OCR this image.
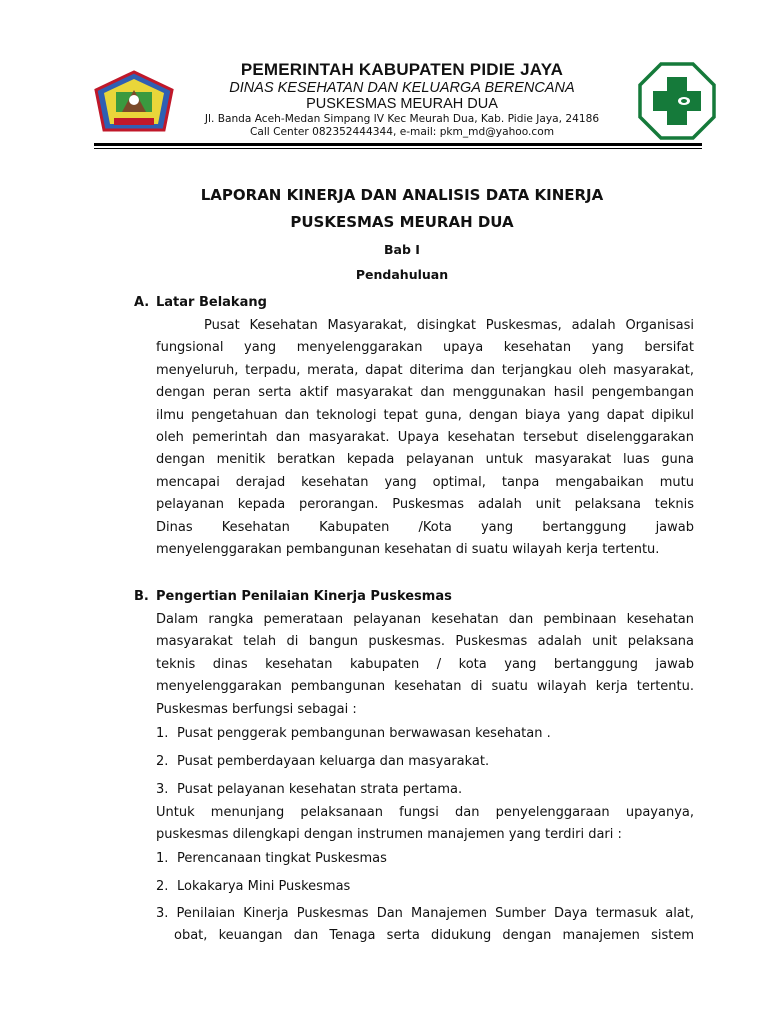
PEMERINTAH KABUPATEN PIDIE JAYA
DINAS KESEHATAN DAN KELUARGA BERENCANA
PUSKESMAS MEURAH DUA
Jl. Banda Aceh-Medan Simpang IV Kec Meurah Dua, Kab. Pidie Jaya, 24186
Call Center 082352444344, e-mail: pkm_md@yahoo.com
LAPORAN KINERJA DAN ANALISIS DATA KINERJA
PUSKESMAS MEURAH DUA
Bab I
Pendahuluan
A. Latar Belakang
Pusat Kesehatan Masyarakat, disingkat Puskesmas, adalah Organisasi
fungsional yang menyelenggarakan upaya kesehatan yang bersifat
menyeluruh, terpadu, merata, dapat diterima dan terjangkau oleh masyarakat,
dengan peran serta aktif masyarakat dan menggunakan hasil pengembangan
ilmu pengetahuan dan teknologi tepat guna, dengan biaya yang dapat dipikul
oleh pemerintah dan masyarakat. Upaya kesehatan tersebut diselenggarakan
dengan menitik beratkan kepada pelayanan untuk masyarakat luas guna
mencapai derajad kesehatan yang optimal, tanpa mengabaikan mutu
pelayanan kepada perorangan. Puskesmas adalah unit pelaksana teknis
Dinas Kesehatan Kabupaten /Kota yang bertanggung jawab
menyelenggarakan pembangunan kesehatan di suatu wilayah kerja tertentu.
B. Pengertian Penilaian Kinerja Puskesmas
Dalam rangka pemerataan pelayanan kesehatan dan pembinaan kesehatan
masyarakat telah di bangun puskesmas. Puskesmas adalah unit pelaksana
teknis dinas kesehatan kabupaten / kota yang bertanggung jawab
menyelenggarakan pembangunan kesehatan di suatu wilayah kerja tertentu.
Puskesmas berfungsi sebagai :
1. Pusat penggerak pembangunan berwawasan kesehatan .
2. Pusat pemberdayaan keluarga dan masyarakat.
3. Pusat pelayanan kesehatan strata pertama.
Untuk menunjang pelaksanaan fungsi dan penyelenggaraan upayanya,
puskesmas dilengkapi dengan instrumen manajemen yang terdiri dari :
1. Perencanaan tingkat Puskesmas
2. Lokakarya Mini Puskesmas
3. Penilaian Kinerja Puskesmas Dan Manajemen Sumber Daya termasuk alat,
obat, keuangan dan Tenaga serta didukung dengan manajemen sistem
